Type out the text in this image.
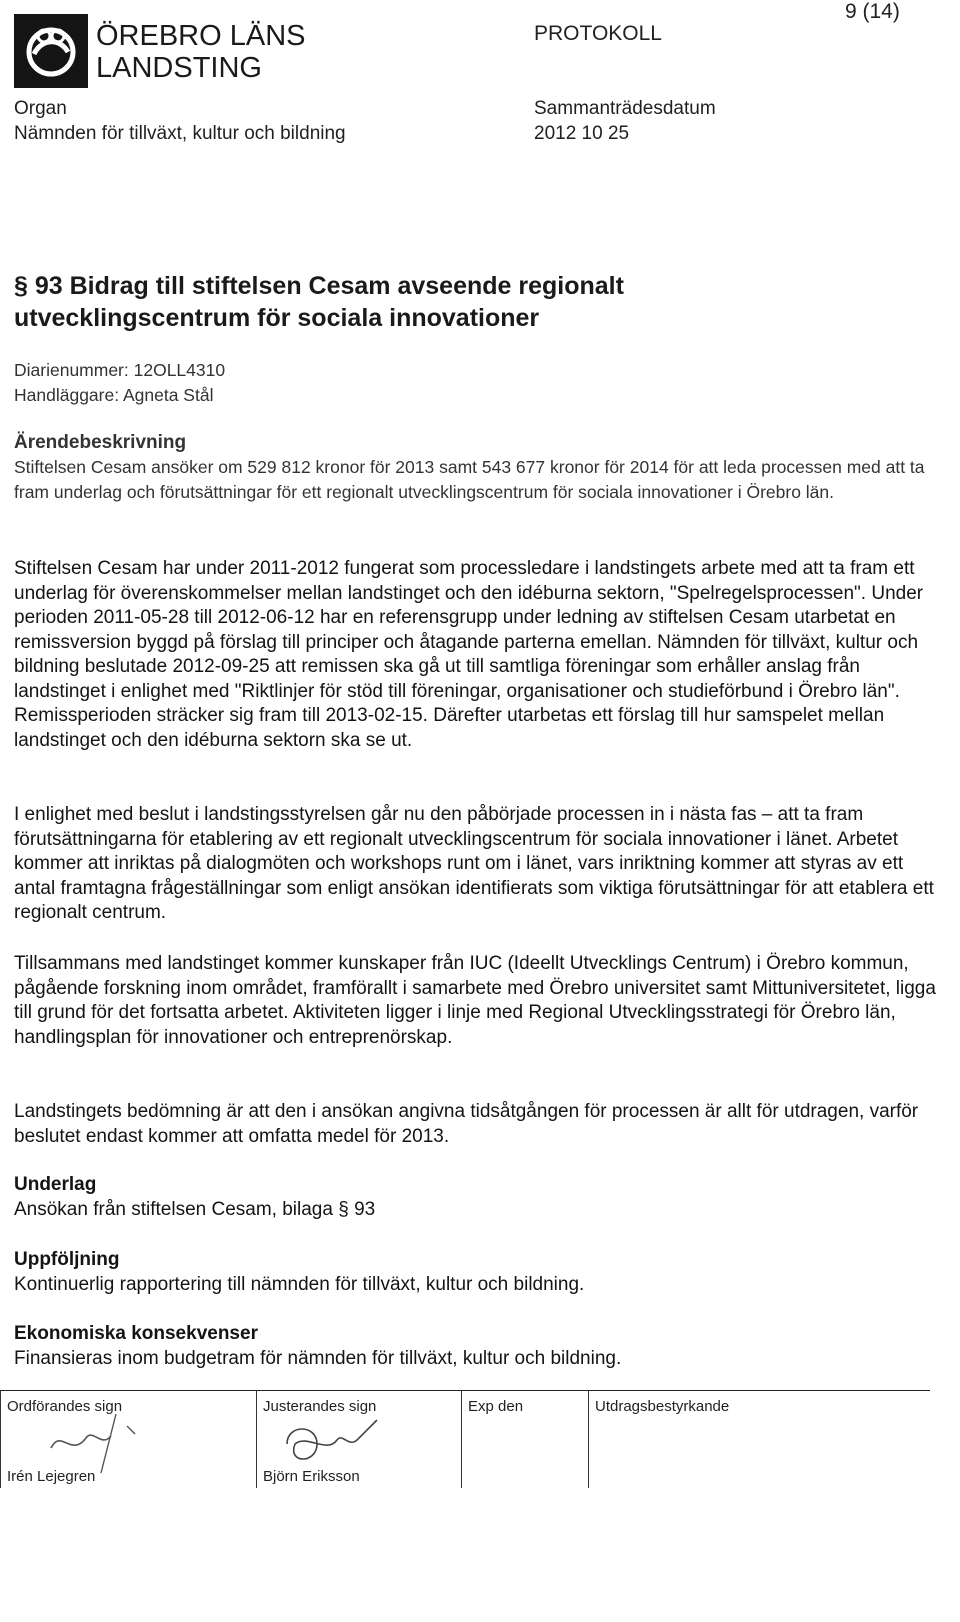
ÖREBRO LÄNS
LANDSTING
PROTOKOLL
9 (14)
Organ
Nämnden för tillväxt, kultur och bildning
Sammanträdesdatum
2012 10 25
§ 93 Bidrag till stiftelsen Cesam avseende regionalt
utvecklingscentrum för sociala innovationer
Diarienummer: 12OLL4310
Handläggare: Agneta Stål
Ärendebeskrivning

Stiftelsen Cesam ansöker om 529 812 kronor för 2013 samt 543 677 kronor för 2014 för att leda processen med att ta fram underlag och förutsättningar för ett regionalt utvecklingscentrum för sociala innovationer i Örebro län.

Stiftelsen Cesam har under 2011-2012 fungerat som processledare i landstingets arbete med att ta fram ett underlag för överenskommelser mellan landstinget och den idéburna sektorn, "Spelregelsprocessen". Under perioden 2011-05-28 till 2012-06-12 har en referensgrupp under ledning av stiftelsen Cesam utarbetat en remissversion byggd på förslag till principer och åtagande parterna emellan. Nämnden för tillväxt, kultur och bildning beslutade 2012-09-25 att remissen ska gå ut till samtliga föreningar som erhåller anslag från landstinget i enlighet med "Riktlinjer för stöd till föreningar, organisationer och studieförbund i Örebro län". Remissperioden sträcker sig fram till 2013-02-15. Därefter utarbetas ett förslag till hur samspelet mellan landstinget och den idéburna sektorn ska se ut.
I enlighet med beslut i landstingsstyrelsen går nu den påbörjade processen in i nästa fas – att ta fram förutsättningarna för etablering av ett regionalt utvecklingscentrum för sociala innovationer i länet. Arbetet kommer att inriktas på dialogmöten och workshops runt om i länet, vars inriktning kommer att styras av ett antal framtagna frågeställningar som enligt ansökan identifierats som viktiga förutsättningar för att etablera ett regionalt centrum.
Tillsammans med landstinget kommer kunskaper från IUC (Ideellt Utvecklings Centrum) i Örebro kommun, pågående forskning inom området, framförallt i samarbete med Örebro universitet samt Mittuniversitetet, ligga till grund för det fortsatta arbetet. Aktiviteten ligger i linje med Regional Utvecklingsstrategi för Örebro län, handlingsplan för innovationer och entreprenörskap.
Landstingets bedömning är att den i ansökan angivna tidsåtgången för processen är allt för utdragen, varför beslutet endast kommer att omfatta medel för 2013.
Underlag
Ansökan från stiftelsen Cesam, bilaga § 93
Uppföljning
Kontinuerlig rapportering till nämnden för tillväxt, kultur och bildning.
Ekonomiska konsekvenser
Finansieras inom budgetram för nämnden för tillväxt, kultur och bildning.
Ordförandes sign
Irén Lejegren
Justerandes sign
Björn Eriksson
Exp den	Utdragsbestyrkande
